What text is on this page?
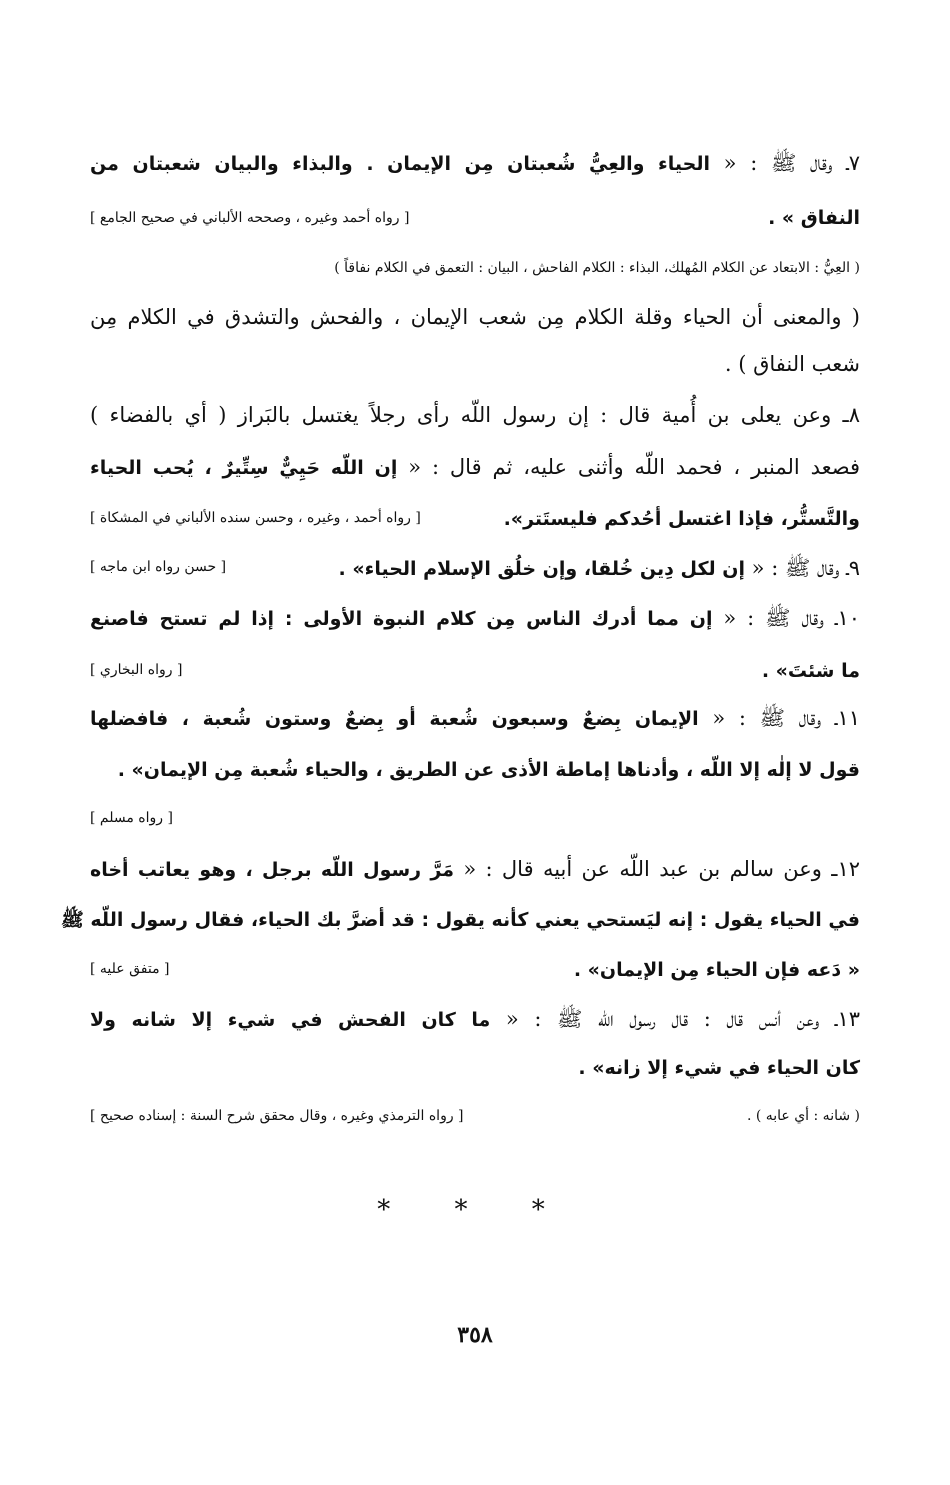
٧ـ وقال ﷺ : « الحياء والعِيُّ شُعبتان مِن الإيمان . والبذاء والبيان شعبتان من
النفاق » .
[ رواه أحمد وغيره ، وصححه الألباني في صحيح الجامع ]
( العِيُّ : الابتعاد عن الكلام المُهلك، البذاء : الكلام الفاحش ، البيان : التعمق في الكلام نفاقاً )
( والمعنى أن الحياء وقلة الكلام مِن شعب الإيمان ، والفحش والتشدق في الكلام مِن
شعب النفاق ) .
٨ـ وعن يعلى بن أُمية قال : إن رسول اللّه رأى رجلاً يغتسل بالبَراز ( أي بالفضاء )
فصعد المنبر ، فحمد اللّه وأثنى عليه، ثم قال : « إن اللّه حَيِيٌّ سِتِّيرٌ ، يُحب الحياء
والتَّستُّر، فإذا اغتسل أحُدكم فليستَتر».
[ رواه أحمد ، وغيره ، وحسن سنده الألباني في المشكاة ]
٩ـ وقال ﷺ : « إن لكل دِين خُلقا، وإن خلُق الإسلام الحياء» .
[ حسن رواه ابن ماجه ]
١٠ـ وقال ﷺ : « إن مما أدرك الناس مِن كلام النبوة الأولى : إذا لم تستح فاصنع
ما شئتَ» .
[ رواه البخاري ]
١١ـ وقال ﷺ : « الإيمان بِضعٌ وسبعون شُعبة أو بِضعٌ وستون شُعبة ، فافضلها
قول لا إلٰه إلا اللّه ، وأدناها إماطة الأذى عن الطريق ، والحياء شُعبة مِن الإيمان» .
[ رواه مسلم ]
١٢ـ وعن سالم بن عبد اللّه عن أبيه قال : « مَرَّ رسول اللّه برجل ، وهو يعاتب أخاه
في الحياء يقول : إنه ليَستحي يعني كأنه يقول : قد أضرَّ بك الحياء، فقال رسول اللّه ﷺ
« دَعه فإن الحياء مِن الإيمان» .
[ متفق عليه ]
١٣ـ وعن أنس قال : قال رسول اللّه ﷺ : « ما كان الفحش في شيء إلا شانه ولا
كان الحياء في شيء إلا زانه» .
( شانه : أي عابه ) .
[ رواه الترمذي وغيره ، وقال محقق شرح السنة : إسناده صحيح ]
* * *
٣٥٨
